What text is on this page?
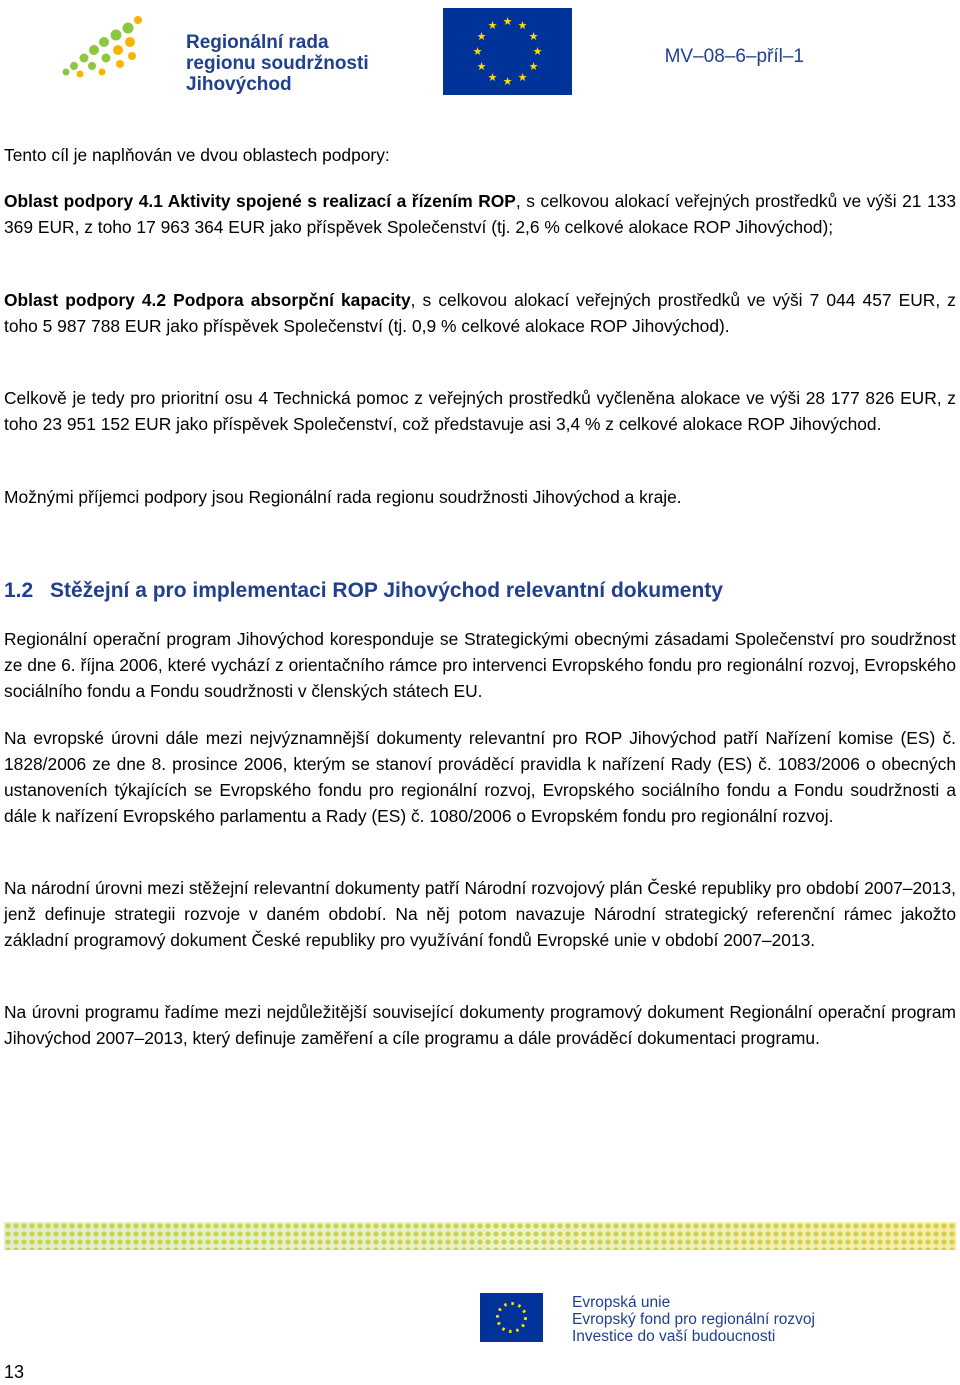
Regionální rada
regionu soudržnosti
Jihovýchod
★ ★
★
★
★
★
★
★
★
★
★
★
MV–08–6–příl–1

Tento cíl je naplňován ve dvou oblastech podpory:

Oblast podpory 4.1 Aktivity spojené s realizací a řízením ROP, s celkovou alokací veřejných prostředků ve výši 21 133 369 EUR, z toho 17 963 364 EUR jako příspěvek Společenství (tj. 2,6 % celkové alokace ROP Jihovýchod);

Oblast podpory 4.2 Podpora absorpční kapacity, s celkovou alokací veřejných prostředků ve výši 7 044 457 EUR, z toho 5 987 788 EUR jako příspěvek Společenství (tj. 0,9 % celkové alokace ROP Jihovýchod).

Celkově je tedy pro prioritní osu 4 Technická pomoc z veřejných prostředků vyčleněna alokace ve výši 28 177 826 EUR, z toho 23 951 152 EUR jako příspěvek Společenství, což představuje asi 3,4 % z celkové alokace ROP Jihovýchod.

Možnými příjemci podpory jsou Regionální rada regionu soudržnosti Jihovýchod a kraje.

1.2 Stěžejní a pro implementaci ROP Jihovýchod relevantní dokumenty

Regionální operační program Jihovýchod koresponduje se Strategickými obecnými zásadami Společenství pro soudržnost ze dne 6. října 2006, které vychází z orientačního rámce pro intervenci Evropského fondu pro regionální rozvoj, Evropského sociálního fondu a Fondu soudržnosti v členských státech EU.

Na evropské úrovni dále mezi nejvýznamnější dokumenty relevantní pro ROP Jihovýchod patří Nařízení komise (ES) č. 1828/2006 ze dne 8. prosince 2006, kterým se stanoví prováděcí pravidla k nařízení Rady (ES) č. 1083/2006 o obecných ustanoveních týkajících se Evropského fondu pro regionální rozvoj, Evropského sociálního fondu a Fondu soudržnosti a dále k nařízení Evropského parlamentu a Rady (ES) č. 1080/2006 o Evropském fondu pro regionální rozvoj.

Na národní úrovni mezi stěžejní relevantní dokumenty patří Národní rozvojový plán České republiky pro období 2007–2013, jenž definuje strategii rozvoje v daném období. Na něj potom navazuje Národní strategický referenční rámec jakožto základní programový dokument České republiky pro využívání fondů Evropské unie v období 2007–2013.

Na úrovni programu řadíme mezi nejdůležitější související dokumenty programový dokument Regionální operační program Jihovýchod 2007–2013, který definuje zaměření a cíle programu a dále prováděcí dokumentaci programu.

Evropská unie
Evropský fond pro regionální rozvoj
Investice do vaší budoucnosti
13
